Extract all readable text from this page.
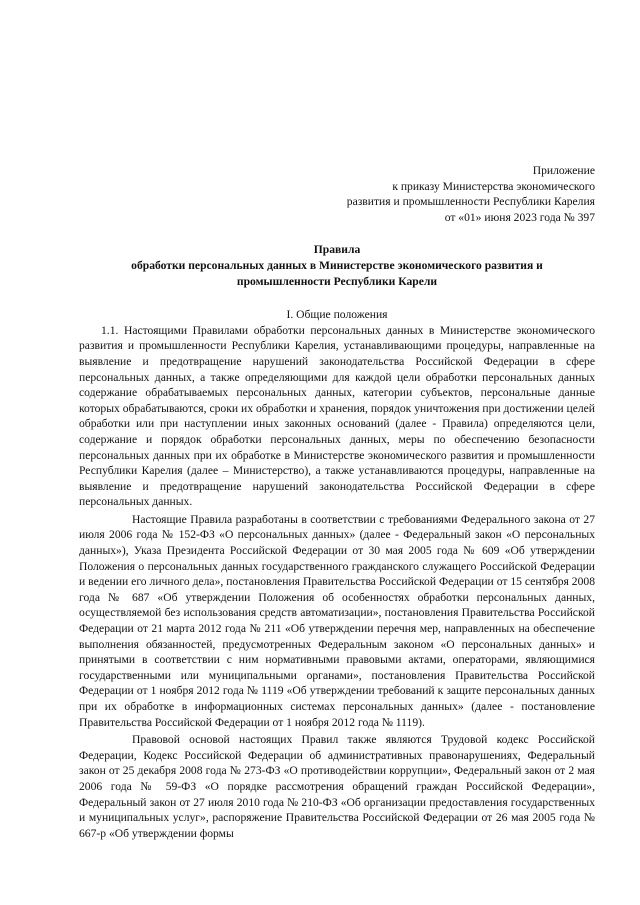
Приложение
к приказу Министерства экономического
развития и промышленности Республики Карелия
от «01» июня 2023 года № 397
Правила
обработки персональных данных в Министерстве экономического развития и
промышленности Республики Карели
I. Общие положения

1.1. Настоящими Правилами обработки персональных данных в Министерстве экономического развития и промышленности Республики Карелия, устанавливающими процедуры, направленные на выявление и предотвращение нарушений законодательства Российской Федерации в сфере персональных данных, а также определяющими для каждой цели обработки персональных данных содержание обрабатываемых персональных данных, категории субъектов, персональные данные которых обрабатываются, сроки их обработки и хранения, порядок уничтожения при достижении целей обработки или при наступлении иных законных оснований (далее - Правила) определяются цели, содержание и порядок обработки персональных данных, меры по обеспечению безопасности персональных данных при их обработке в Министерстве экономического развития и промышленности Республики Карелия (далее – Министерство), а также устанавливаются процедуры, направленные на выявление и предотвращение нарушений законодательства Российской Федерации в сфере персональных данных.

Настоящие Правила разработаны в соответствии с требованиями Федерального закона от 27 июля 2006 года № 152-ФЗ «О персональных данных» (далее - Федеральный закон «О персональных данных»), Указа Президента Российской Федерации от 30 мая 2005 года № 609 «Об утверждении Положения о персональных данных государственного гражданского служащего Российской Федерации и ведении его личного дела», постановления Правительства Российской Федерации от 15 сентября 2008 года № 687 «Об утверждении Положения об особенностях обработки персональных данных, осуществляемой без использования средств автоматизации», постановления Правительства Российской Федерации от 21 марта 2012 года № 211 «Об утверждении перечня мер, направленных на обеспечение выполнения обязанностей, предусмотренных Федеральным законом «О персональных данных» и принятыми в соответствии с ним нормативными правовыми актами, операторами, являющимися государственными или муниципальными органами», постановления Правительства Российской Федерации от 1 ноября 2012 года № 1119 «Об утверждении требований к защите персональных данных при их обработке в информационных системах персональных данных» (далее - постановление Правительства Российской Федерации от 1 ноября 2012 года № 1119).

Правовой основой настоящих Правил также являются Трудовой кодекс Российской Федерации, Кодекс Российской Федерации об административных правонарушениях, Федеральный закон от 25 декабря 2008 года № 273-ФЗ «О противодействии коррупции», Федеральный закон от 2 мая 2006 года № 59-ФЗ «О порядке рассмотрения обращений граждан Российской Федерации», Федеральный закон от 27 июля 2010 года № 210-ФЗ «Об организации предоставления государственных и муниципальных услуг», распоряжение Правительства Российской Федерации от 26 мая 2005 года № 667-р «Об утверждении формы
